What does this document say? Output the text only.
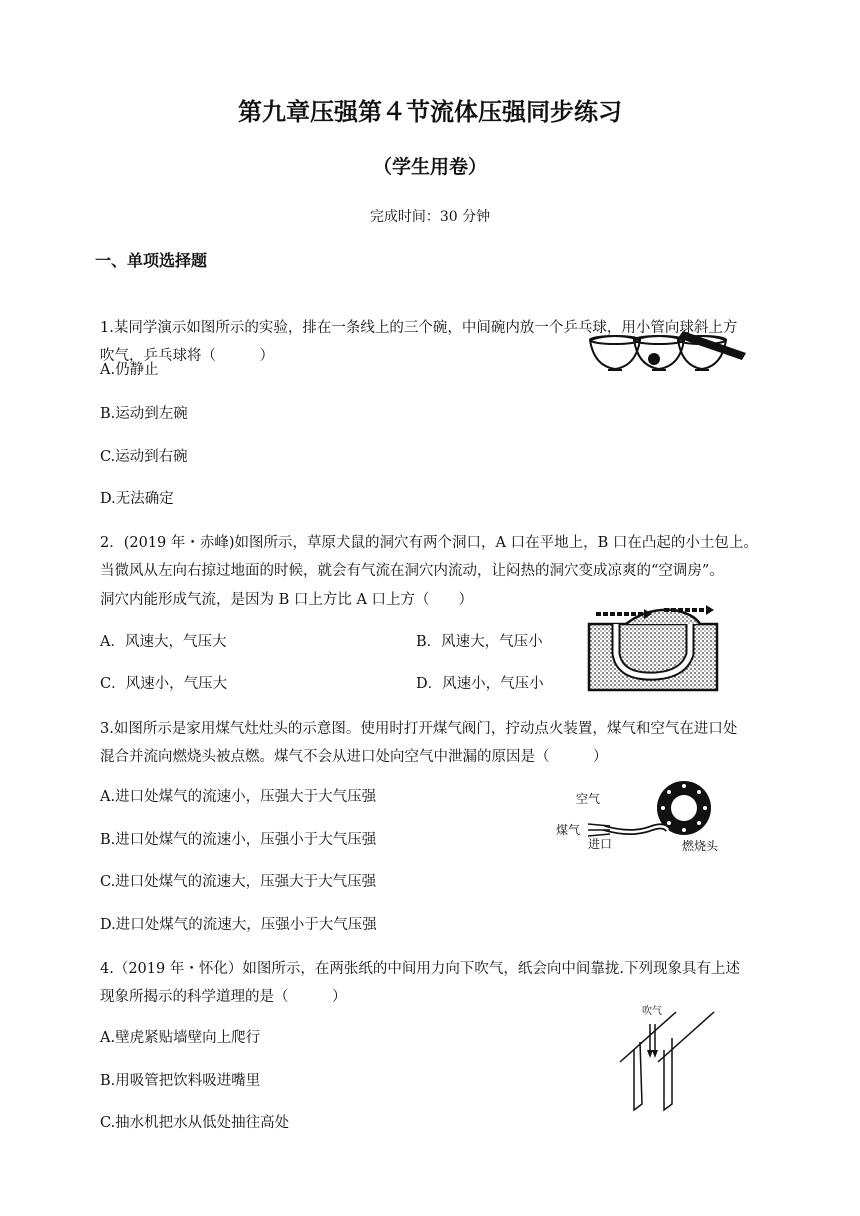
第九章压强第４节流体压强同步练习
（学生用卷）
完成时间：30 分钟
一、单项选择题
1.某同学演示如图所示的实验，排在一条线上的三个碗，中间碗内放一个乒乓球，用小管向球斜上方
吹气，乒乓球将（　　　）
A.仍静止
B.运动到左碗
C.运动到右碗
D.无法确定
2．(2019 年・赤峰)如图所示，草原犬鼠的洞穴有两个洞口，A 口在平地上，B 口在凸起的小土包上。
当微风从左向右掠过地面的时候，就会有气流在洞穴内流动，让闷热的洞穴变成凉爽的“空调房”。
洞穴内能形成气流，是因为 B 口上方比 A 口上方（　　）
A．风速大，气压大	B．风速大，气压小
C．风速小，气压大	D．风速小，气压小
3.如图所示是家用煤气灶灶头的示意图。使用时打开煤气阀门，拧动点火装置，煤气和空气在进口处
混合并流向燃烧头被点燃。煤气不会从进口处向空气中泄漏的原因是（　　　）
A.进口处煤气的流速小，压强大于大气压强
B.进口处煤气的流速小，压强小于大气压强
C.进口处煤气的流速大，压强大于大气压强
D.进口处煤气的流速大，压强小于大气压强
空气
煤气
进口	燃烧头
4.（2019 年・怀化）如图所示，在两张纸的中间用力向下吹气，纸会向中间靠拢.下列现象具有上述
现象所揭示的科学道理的是（　　　）
A.壁虎紧贴墙壁向上爬行
B.用吸管把饮料吸进嘴里
C.抽水机把水从低处抽往高处
吹气
